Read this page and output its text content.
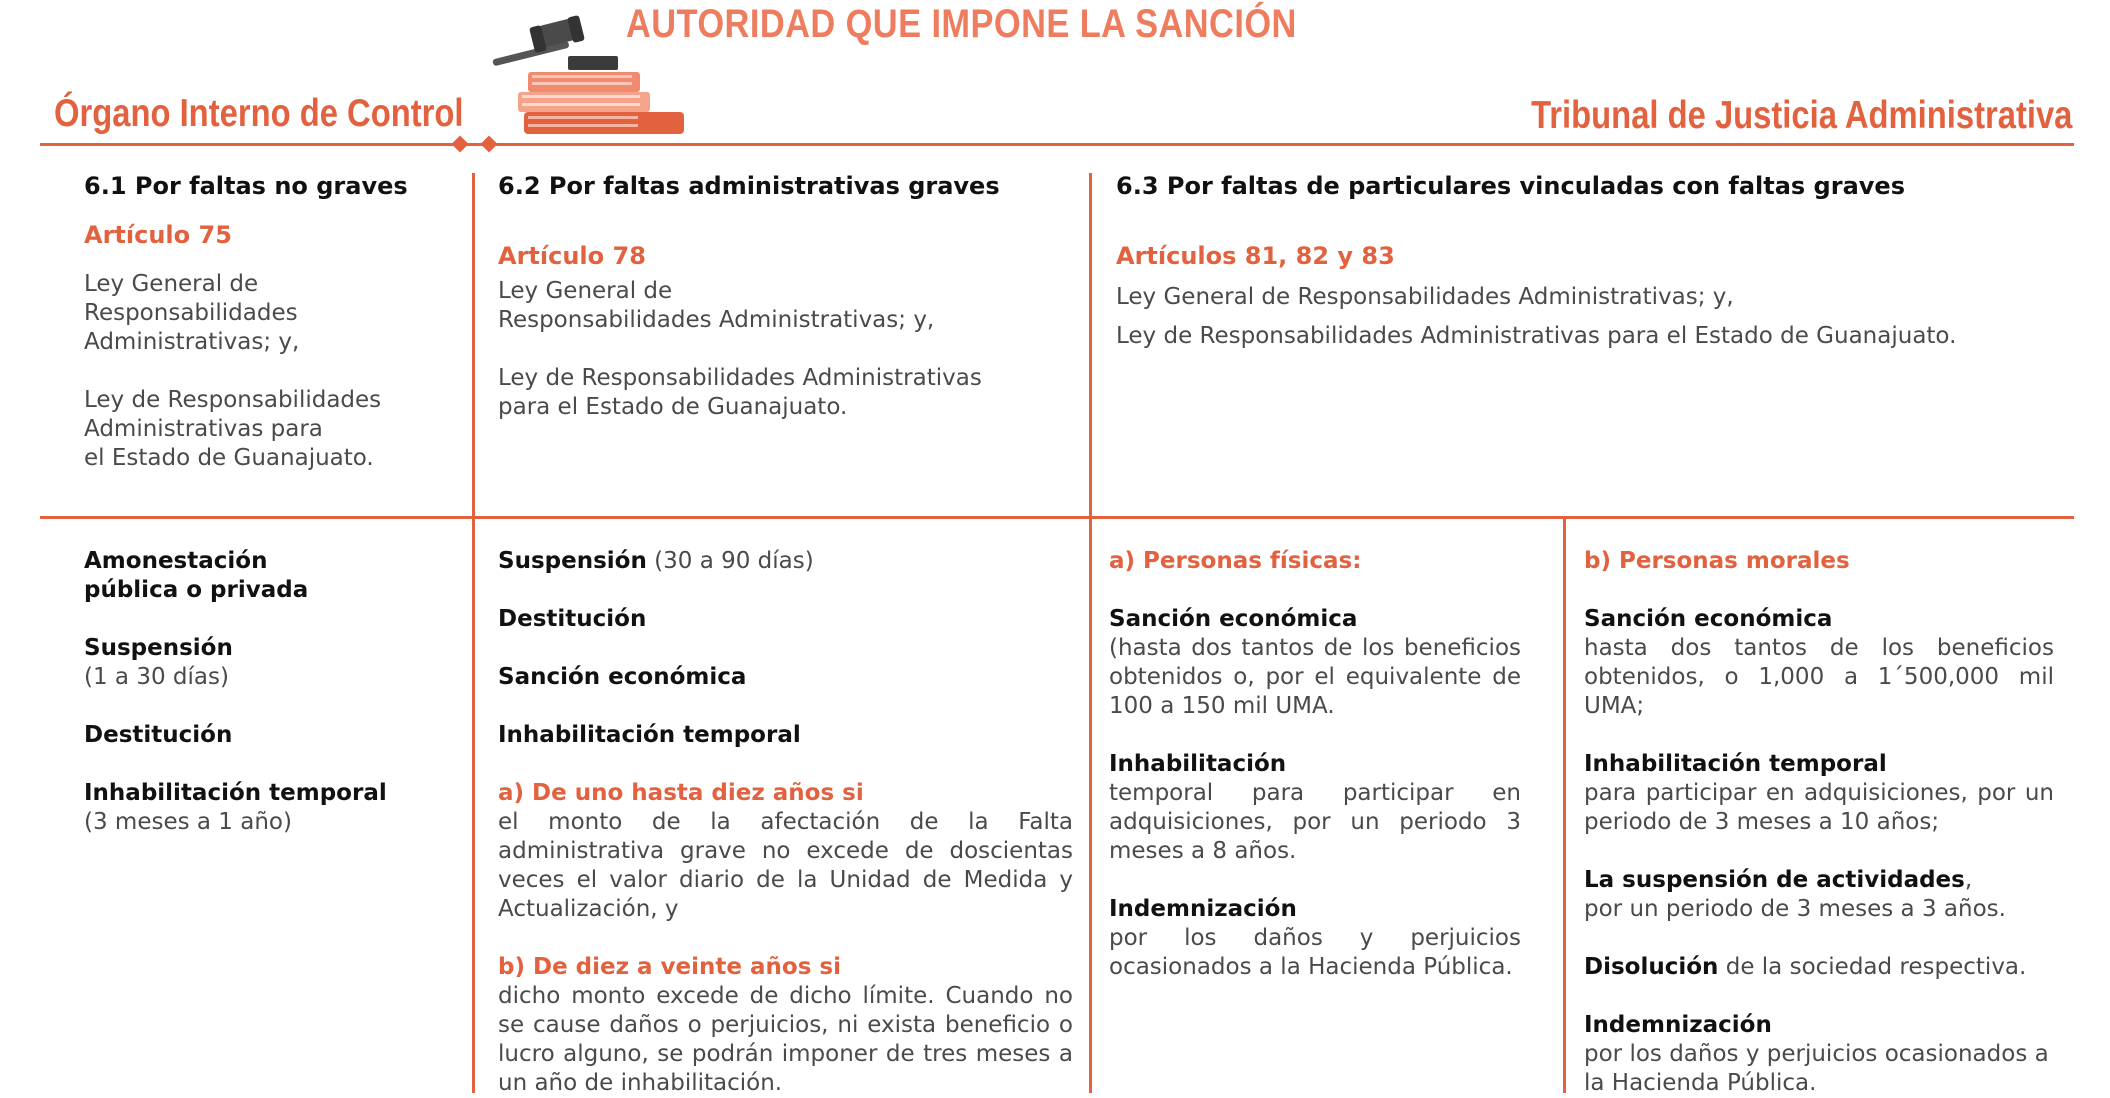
AUTORIDAD QUE IMPONE LA SANCIÓN
Órgano Interno de Control	Tribunal de Justicia Administrativa

6.1 Por faltas no graves

Artículo 75

Ley General de

Responsabilidades

Administrativas; y,

Ley de Responsabilidades

Administrativas para

el Estado de Guanajuato.

6.2 Por faltas administrativas graves

Artículo 78

Ley General de

Responsabilidades Administrativas; y,

Ley de Responsabilidades Administrativas

para el Estado de Guanajuato.

6.3 Por faltas de particulares vinculadas con faltas graves

Artículos 81, 82 y 83

Ley General de Responsabilidades Administrativas; y,

Ley de Responsabilidades Administrativas para el Estado de Guanajuato.

Amonestación

pública o privada

Suspensión

(1 a 30 días)

Destitución

Inhabilitación temporal

(3 meses a 1 año)

Suspensión (30 a 90 días)

Destitución

Sanción económica

Inhabilitación temporal

a) De uno hasta diez años si

el monto de la afectación de la Falta administrativa grave no excede de doscientas veces el valor diario de la Unidad de Medida y Actualización, y

b) De diez a veinte años si

dicho monto excede de dicho límite. Cuando no se cause daños o perjuicios, ni exista beneficio o lucro alguno, se podrán imponer de tres meses a un año de inhabilitación.

a) Personas físicas:

Sanción económica

(hasta dos tantos de los beneficios obtenidos o, por el equivalente de 100 a 150 mil UMA.

Inhabilitación

temporal para participar en adquisiciones, por un periodo 3 meses a 8 años.

Indemnización

por los daños y perjuicios ocasionados a la Hacienda Pública.

b) Personas morales

Sanción económica

hasta dos tantos de los beneficios obtenidos, o 1,000 a 1´500,000 mil UMA;

Inhabilitación temporal

para participar en adquisiciones, por un periodo de 3 meses a 10 años;

La suspensión de actividades,

por un periodo de 3 meses a 3 años.

Disolución de la sociedad respectiva.

Indemnización

por los daños y perjuicios ocasionados a la Hacienda Pública.
